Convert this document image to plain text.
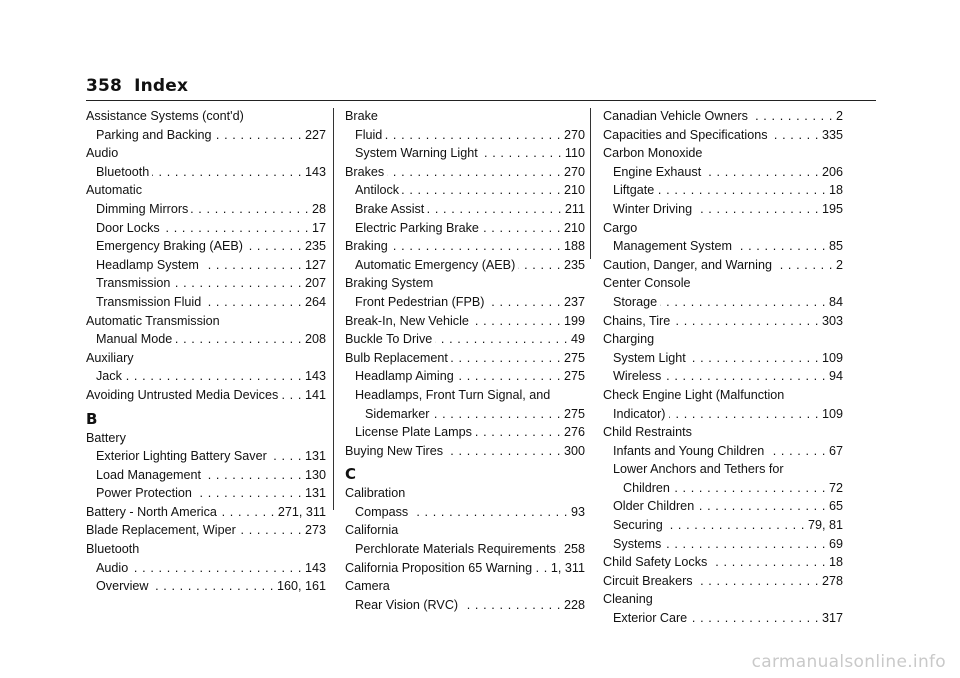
358 Index
Assistance Systems (cont'd)
Parking and Backing . . .	227
Audio
Bluetooth . . .	143
Automatic
Dimming Mirrors . . .	28
Door Locks . . .	17
Emergency Braking (AEB) . . .	235
Headlamp System . . .	127
Transmission . . .	207
Transmission Fluid . . .	264
Automatic Transmission
Manual Mode . . .	208
Auxiliary
Jack . . .	143
Avoiding Untrusted Media Devices . . . 141
B
Battery
Exterior Lighting Battery Saver . . .	131
Load Management . . .	130
Power Protection . . .	131
Battery - North America . . .	271, 311
Blade Replacement, Wiper . . .	273
Bluetooth
Audio . . .	143
Overview . . .	160, 161
Brake
Fluid . . .	270
System Warning Light . . .	110
Brakes . . .	270
Antilock . . .	210
Brake Assist . . .	211
Electric Parking Brake . . .	210
Braking . . .	188
Automatic Emergency (AEB) . . .	235
Braking System
Front Pedestrian (FPB) . . .	237
Break-In, New Vehicle . . .	199
Buckle To Drive . . .	49
Bulb Replacement . . .	275
Headlamp Aiming . . .	275
Headlamps, Front Turn Signal, and
Sidemarker . . .	275
License Plate Lamps . . .	276
Buying New Tires . . .	300
C
Calibration
Compass . . .	93
California
Perchlorate Materials Requirements . . . 258
California Proposition 65 Warning . . . 1, 311
Camera
Rear Vision (RVC) . . .	228
Canadian Vehicle Owners . . .	2
Capacities and Specifications . . .	335
Carbon Monoxide
Engine Exhaust . . .	206
Liftgate . . .	18
Winter Driving . . .	195
Cargo
Management System . . .	85
Caution, Danger, and Warning . . .	2
Center Console
Storage . . .	84
Chains, Tire . . .	303
Charging
System Light . . .	109
Wireless . . .	94
Check Engine Light (Malfunction
Indicator) . . .	109
Child Restraints
Infants and Young Children . . .	67
Lower Anchors and Tethers for
Children . . .	72
Older Children . . .	65
Securing . . .	79, 81
Systems . . .	69
Child Safety Locks . . .	18
Circuit Breakers . . .	278
Cleaning
Exterior Care . . .	317
carmanualsonline.info
